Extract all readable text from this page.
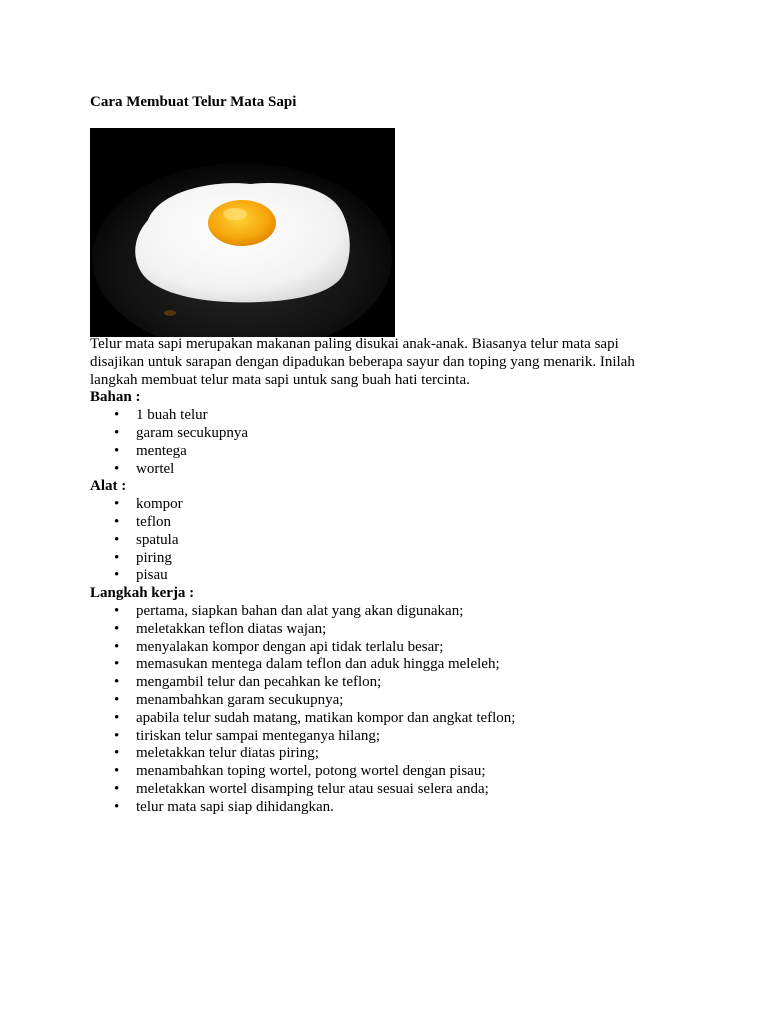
Cara Membuat Telur Mata Sapi

Telur mata sapi merupakan makanan paling disukai anak-anak. Biasanya telur mata sapi disajikan untuk sarapan dengan dipadukan beberapa sayur dan toping yang menarik. Inilah langkah membuat telur mata sapi untuk sang buah hati tercinta.

Bahan :

• 1 buah telur
• garam secukupnya
• mentega
• wortel

Alat :

• kompor
• teflon
• spatula
• piring
• pisau

Langkah kerja :

• pertama, siapkan bahan dan alat yang akan digunakan;
• meletakkan teflon diatas wajan;
• menyalakan kompor dengan api tidak terlalu besar;
• memasukan mentega dalam teflon dan aduk hingga meleleh;
• mengambil telur dan pecahkan ke teflon;
• menambahkan garam secukupnya;
• apabila telur sudah matang, matikan kompor dan angkat teflon;
• tiriskan telur sampai menteganya hilang;
• meletakkan telur diatas piring;
• menambahkan toping wortel, potong wortel dengan pisau;
• meletakkan wortel disamping telur atau sesuai selera anda;
• telur mata sapi siap dihidangkan.
